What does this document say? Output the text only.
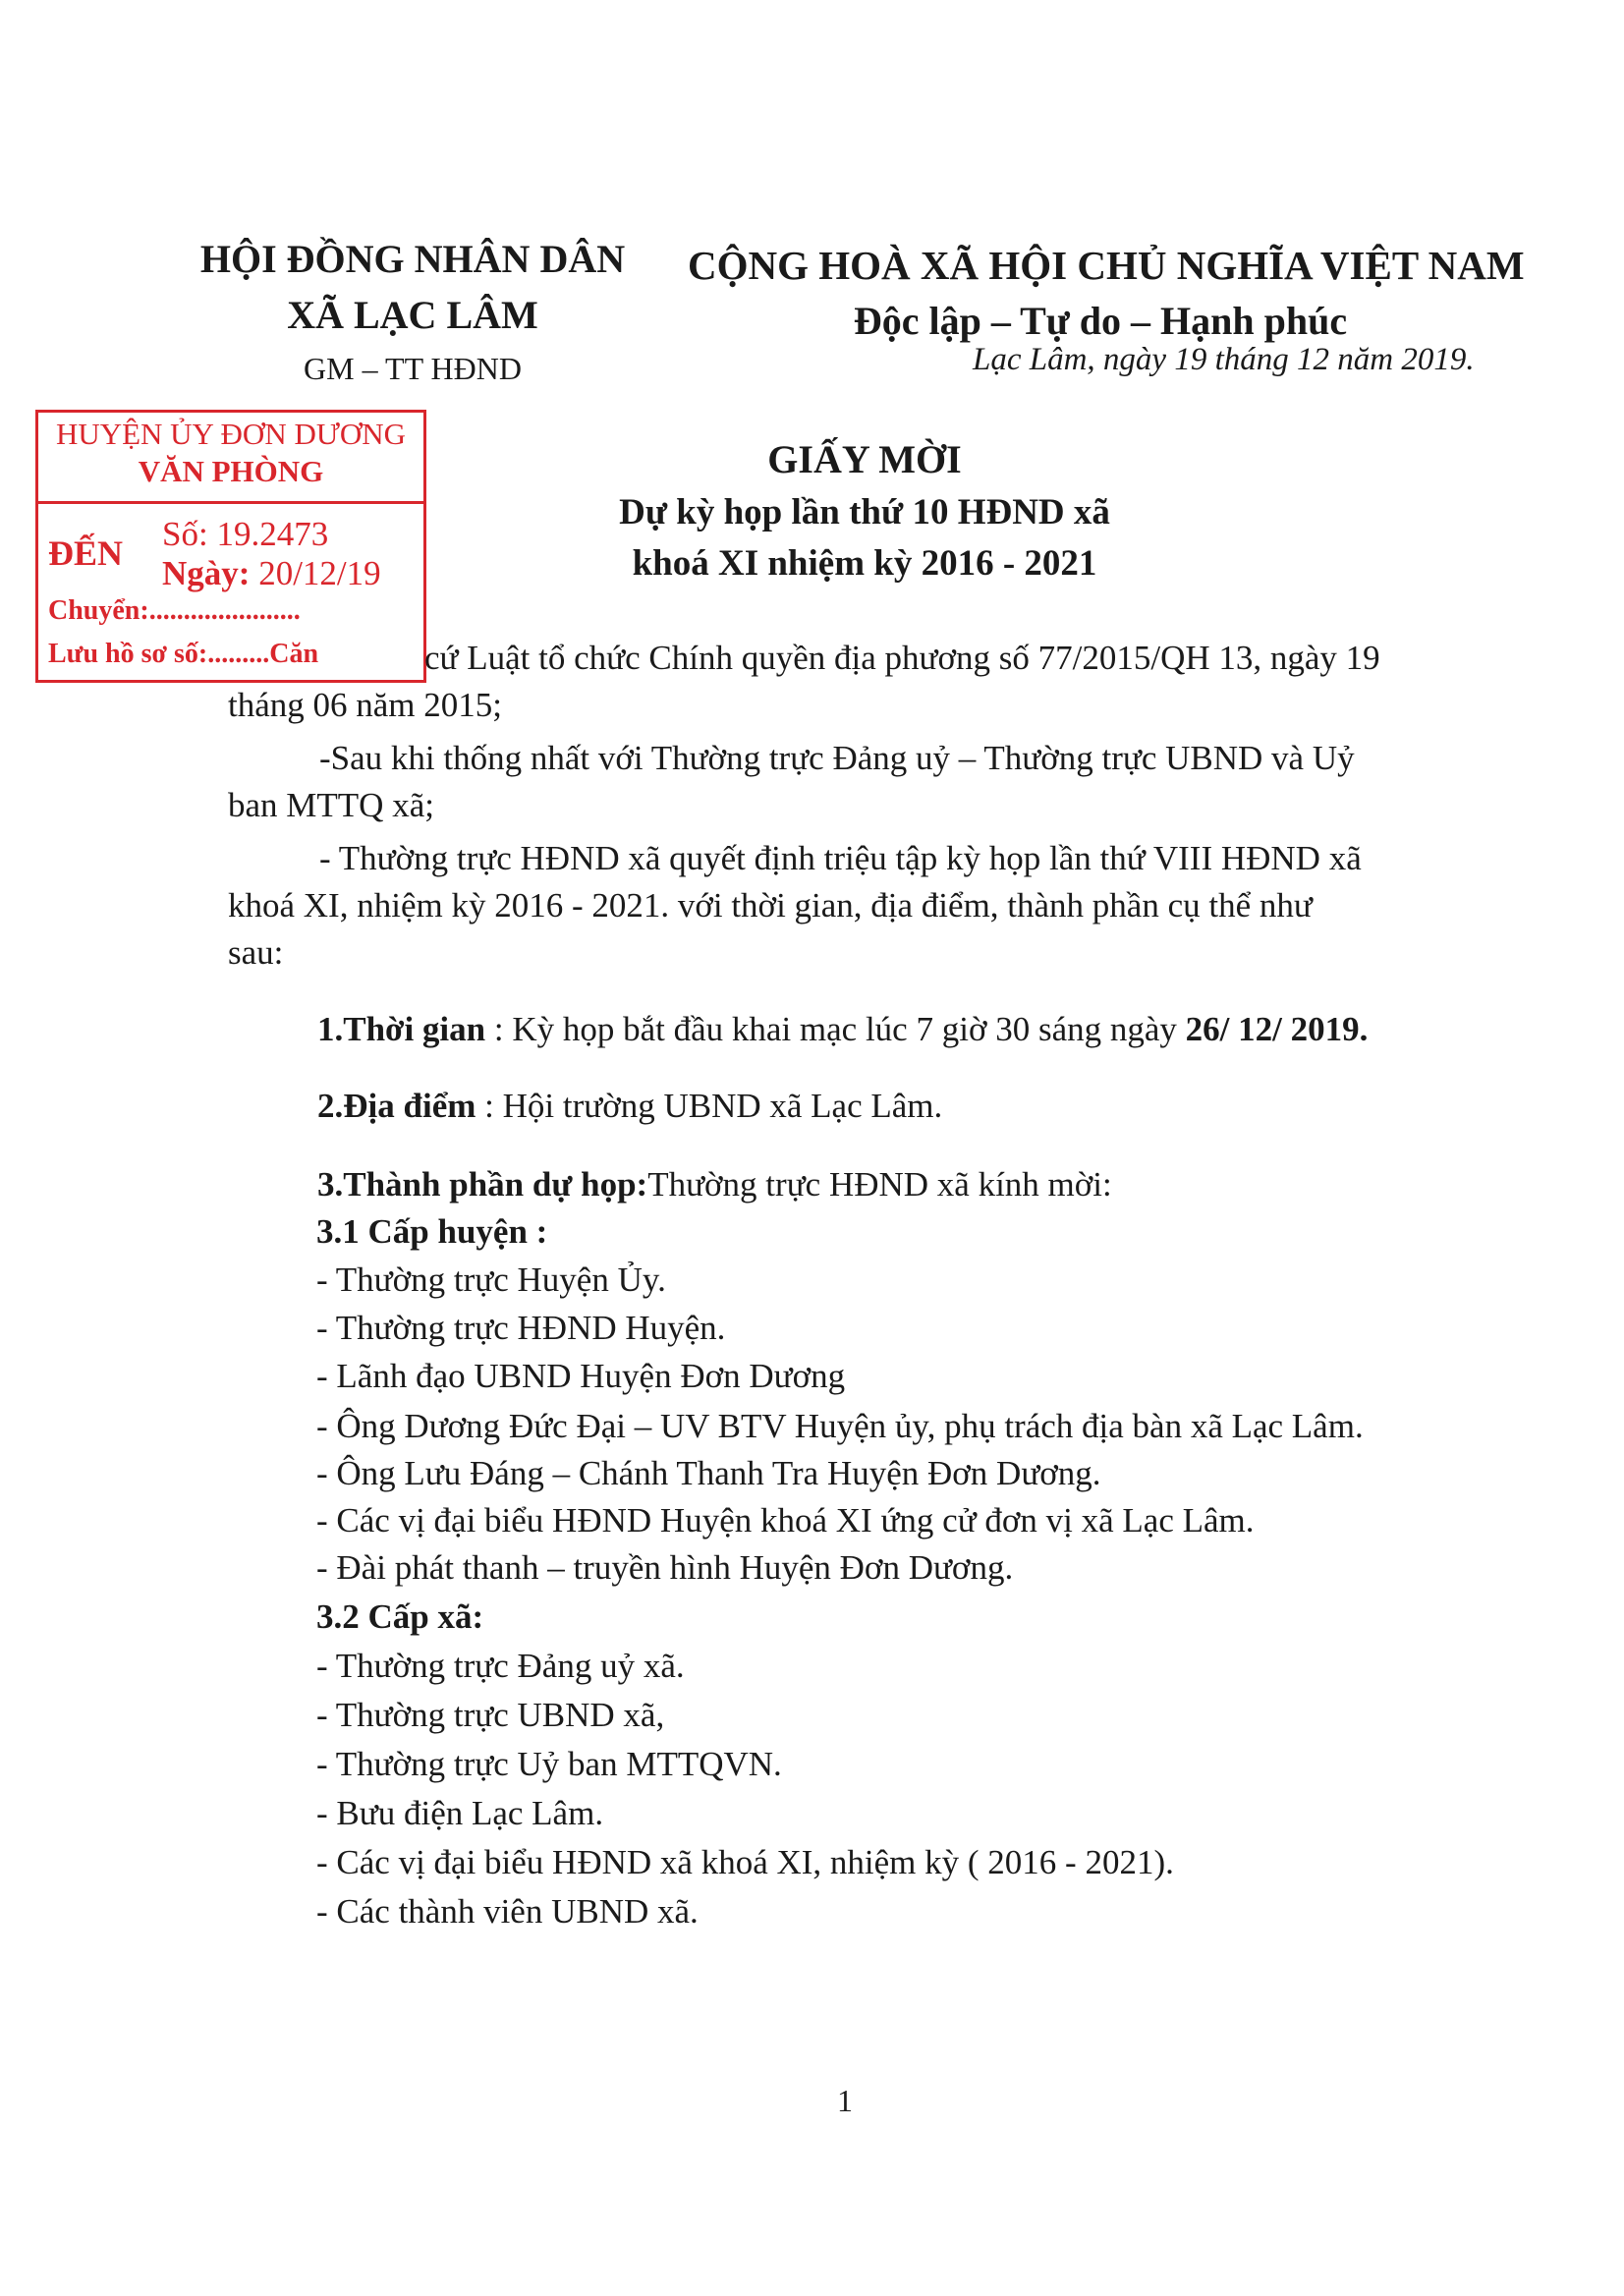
HỘI ĐỒNG NHÂN DÂN
XÃ LẠC LÂM
GM – TT HĐND
CỘNG HOÀ XÃ HỘI CHỦ NGHĨA VIỆT NAM
Độc lập – Tự do – Hạnh phúc
Lạc Lâm, ngày 19 tháng 12 năm 2019.
HUYỆN ỦY ĐƠN DƯƠNG
VĂN PHÒNG
ĐẾN Số: 19.2473
Ngày: 20/12/19
Chuyển:......................
Lưu hồ sơ số:.........Căn
GIẤY MỜI
Dự kỳ họp lần thứ 10 HĐND xã
khoá XI nhiệm kỳ 2016 - 2021
cứ Luật tổ chức Chính quyền địa phương số 77/2015/QH 13, ngày 19
tháng 06 năm 2015;
-Sau khi thống nhất với Thường trực Đảng uỷ – Thường trực UBND và Uỷ
ban MTTQ xã;
- Thường trực HĐND xã quyết định triệu tập kỳ họp lần thứ VIII HĐND xã
khoá XI, nhiệm kỳ 2016 - 2021. với thời gian, địa điểm, thành phần cụ thể như
sau:
1.Thời gian : Kỳ họp bắt đầu khai mạc lúc 7 giờ 30 sáng ngày 26/ 12/ 2019.
2.Địa điểm : Hội trường UBND xã Lạc Lâm.
3.Thành phần dự họp:Thường trực HĐND xã kính mời:
3.1 Cấp huyện :
- Thường trực Huyện Ủy.
- Thường trực HĐND Huyện.
- Lãnh đạo UBND Huyện Đơn Dương
- Ông Dương Đức Đại – UV BTV Huyện ủy, phụ trách địa bàn xã Lạc Lâm.
- Ông Lưu Đáng – Chánh Thanh Tra Huyện Đơn Dương.
- Các vị đại biểu HĐND Huyện khoá XI ứng cử đơn vị xã Lạc Lâm.
- Đài phát thanh – truyền hình Huyện Đơn Dương.
3.2 Cấp xã:
- Thường trực Đảng uỷ xã.
- Thường trực UBND xã,
- Thường trực Uỷ ban MTTQVN.
- Bưu điện Lạc Lâm.
- Các vị đại biểu HĐND xã khoá XI, nhiệm kỳ ( 2016 - 2021).
- Các thành viên UBND xã.
1
